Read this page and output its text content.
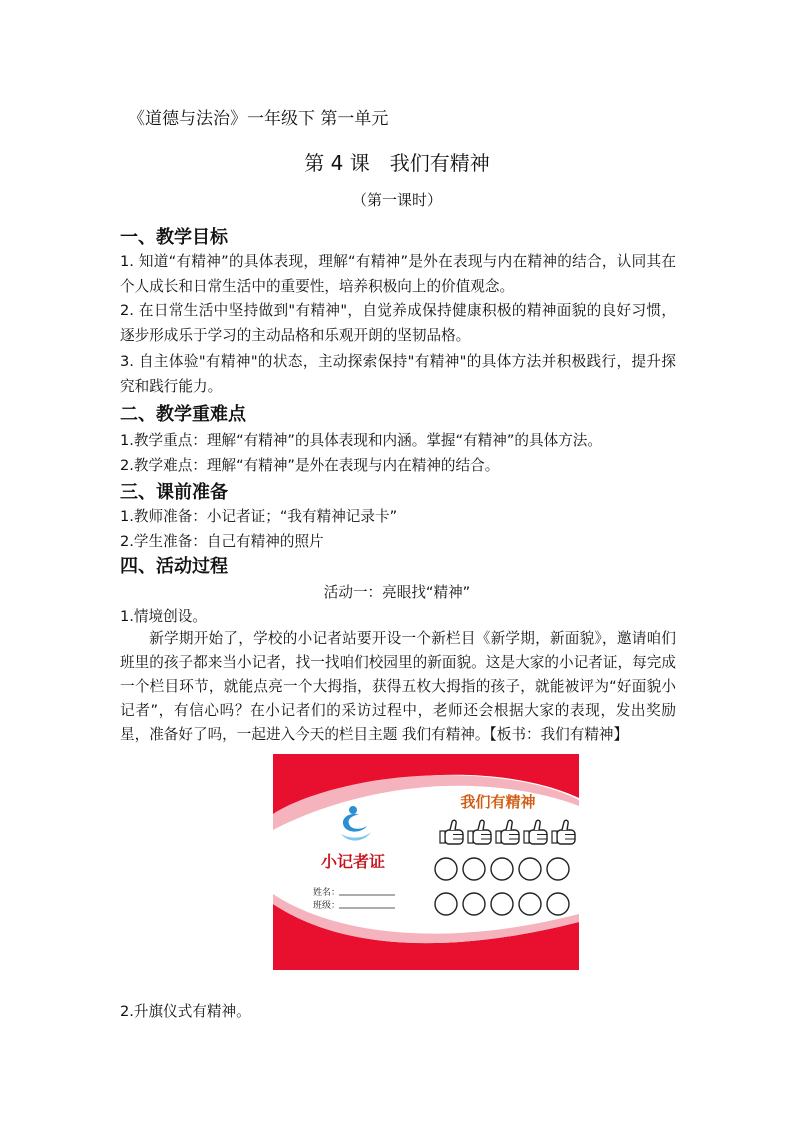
《道德与法治》一年级下 第一单元
第 4 课　我们有精神
（第一课时）
一、教学目标
1. 知道“有精神”的具体表现，理解“有精神”是外在表现与内在精神的结合，认同其在个人成长和日常生活中的重要性，培养积极向上的价值观念。
2. 在日常生活中坚持做到"有精神"，自觉养成保持健康积极的精神面貌的良好习惯，逐步形成乐于学习的主动品格和乐观开朗的坚韧品格。
3. 自主体验"有精神"的状态，主动探索保持"有精神"的具体方法并积极践行，提升探究和践行能力。
二、教学重难点
1.教学重点：理解“有精神”的具体表现和内涵。掌握“有精神”的具体方法。
2.教学难点：理解“有精神”是外在表现与内在精神的结合。
三、课前准备
1.教师准备：小记者证；“我有精神记录卡”
2.学生准备：自己有精神的照片
四、活动过程
活动一：亮眼找“精神”
1.情境创设。
新学期开始了，学校的小记者站要开设一个新栏目《新学期，新面貌》，邀请咱们班里的孩子都来当小记者，找一找咱们校园里的新面貌。这是大家的小记者证，每完成一个栏目环节，就能点亮一个大拇指，获得五枚大拇指的孩子，就能被评为“好面貌小记者”，有信心吗？在小记者们的采访过程中，老师还会根据大家的表现，发出奖励星，准备好了吗，一起进入今天的栏目主题 我们有精神。【板书：我们有精神】
我们有精神
小记者证
姓名：
班级：
2.升旗仪式有精神。
